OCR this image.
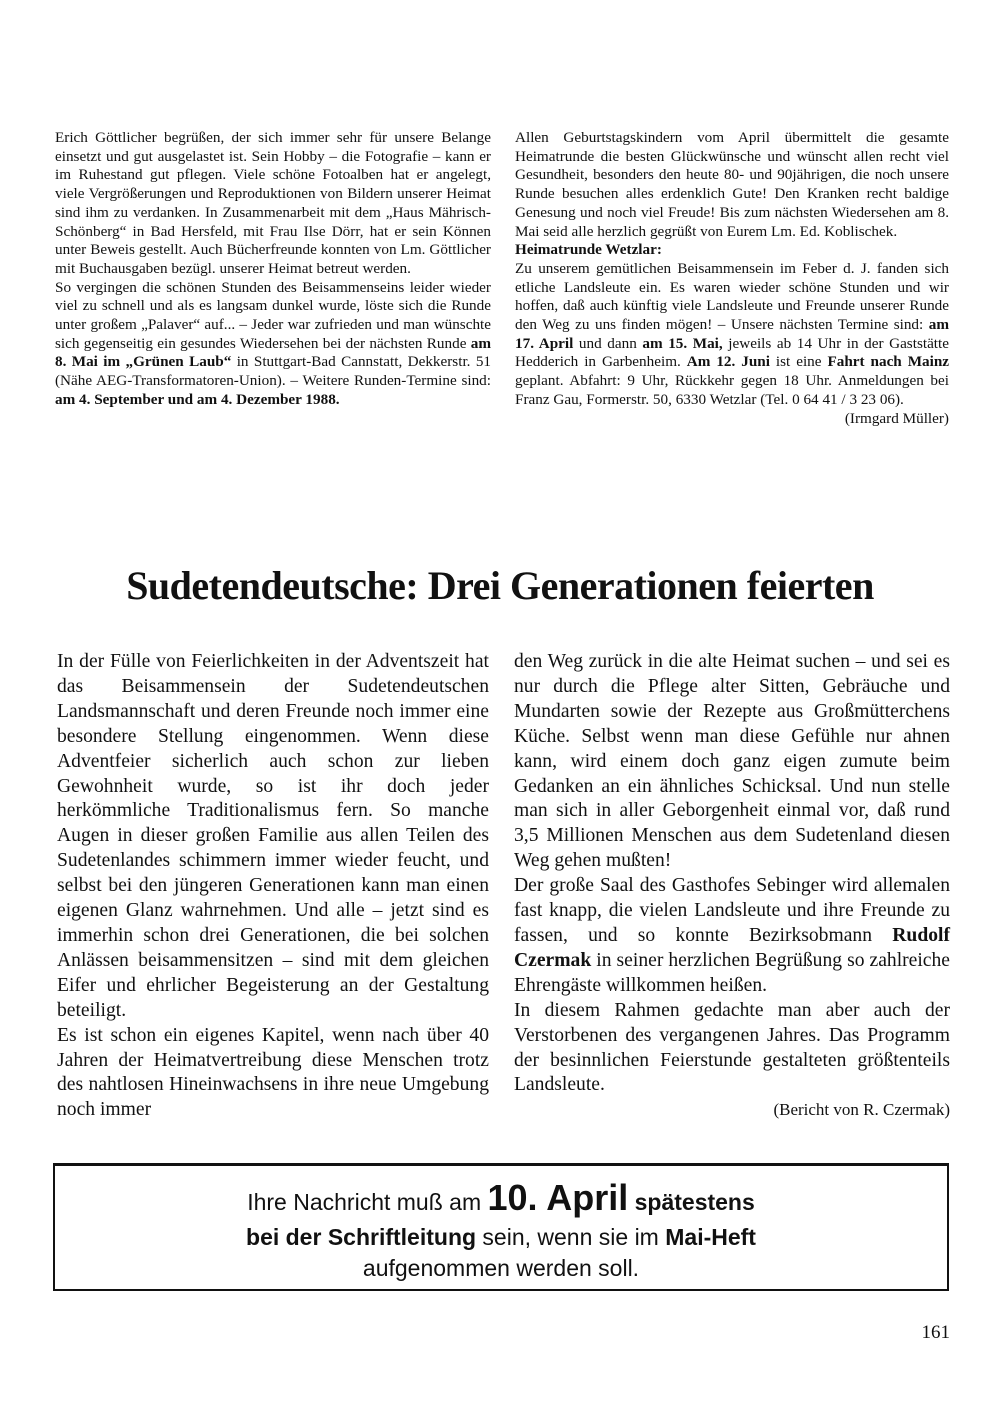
Erich Göttlicher begrüßen, der sich immer sehr für unsere Belange einsetzt und gut ausgelastet ist. Sein Hobby – die Fotografie – kann er im Ruhestand gut pflegen. Viele schöne Fotoalben hat er angelegt, viele Vergrößerungen und Reproduktionen von Bildern unserer Heimat sind ihm zu verdanken. In Zusammenarbeit mit dem „Haus Mährisch-Schönberg“ in Bad Hersfeld, mit Frau Ilse Dörr, hat er sein Können unter Beweis gestellt. Auch Bücherfreunde konnten von Lm. Göttlicher mit Buchausgaben bezügl. unserer Heimat betreut werden.

So vergingen die schönen Stunden des Beisammenseins leider wieder viel zu schnell und als es langsam dunkel wurde, löste sich die Runde unter großem „Palaver“ auf... – Jeder war zufrieden und man wünschte sich gegenseitig ein gesundes Wiedersehen bei der nächsten Runde am 8. Mai im „Grünen Laub“ in Stuttgart-Bad Cannstatt, Dekkerstr. 51 (Nähe AEG-Transformatoren-Union). – Weitere Runden-Termine sind: am 4. September und am 4. Dezember 1988.

Allen Geburtstagskindern vom April übermittelt die gesamte Heimatrunde die besten Glückwünsche und wünscht allen recht viel Gesundheit, besonders den heute 80- und 90jährigen, die noch unsere Runde besuchen alles erdenklich Gute! Den Kranken recht baldige Genesung und noch viel Freude! Bis zum nächsten Wiedersehen am 8. Mai seid alle herzlich gegrüßt von Eurem Lm. Ed. Koblischek.

Heimatrunde Wetzlar:

Zu unserem gemütlichen Beisammensein im Feber d. J. fanden sich etliche Landsleute ein. Es waren wieder schöne Stunden und wir hoffen, daß auch künftig viele Landsleute und Freunde unserer Runde den Weg zu uns finden mögen! – Unsere nächsten Termine sind: am 17. April und dann am 15. Mai, jeweils ab 14 Uhr in der Gaststätte Hedderich in Garbenheim. Am 12. Juni ist eine Fahrt nach Mainz geplant. Abfahrt: 9 Uhr, Rückkehr gegen 18 Uhr. Anmeldungen bei Franz Gau, Formerstr. 50, 6330 Wetzlar (Tel. 0 64 41 / 3 23 06).

(Irmgard Müller)

Sudetendeutsche: Drei Generationen feierten

In der Fülle von Feierlichkeiten in der Adventszeit hat das Beisammensein der Sudetendeutschen Landsmannschaft und deren Freunde noch immer eine besondere Stellung eingenommen. Wenn diese Adventfeier sicherlich auch schon zur lieben Gewohnheit wurde, so ist ihr doch jeder herkömmliche Traditionalismus fern. So manche Augen in dieser großen Familie aus allen Teilen des Sudetenlandes schimmern immer wieder feucht, und selbst bei den jüngeren Generationen kann man einen eigenen Glanz wahrnehmen. Und alle – jetzt sind es immerhin schon drei Generationen, die bei solchen Anlässen beisammensitzen – sind mit dem gleichen Eifer und ehrlicher Begeisterung an der Gestaltung beteiligt.

Es ist schon ein eigenes Kapitel, wenn nach über 40 Jahren der Heimatvertreibung diese Menschen trotz des nahtlosen Hineinwachsens in ihre neue Umgebung noch immer

den Weg zurück in die alte Heimat suchen – und sei es nur durch die Pflege alter Sitten, Gebräuche und Mundarten sowie der Rezepte aus Großmütterchens Küche. Selbst wenn man diese Gefühle nur ahnen kann, wird einem doch ganz eigen zumute beim Gedanken an ein ähnliches Schicksal. Und nun stelle man sich in aller Geborgenheit einmal vor, daß rund 3,5 Millionen Menschen aus dem Sudetenland diesen Weg gehen mußten!

Der große Saal des Gasthofes Sebinger wird allemalen fast knapp, die vielen Landsleute und ihre Freunde zu fassen, und so konnte Bezirksobmann Rudolf Czermak in seiner herzlichen Begrüßung so zahlreiche Ehrengäste willkommen heißen.

In diesem Rahmen gedachte man aber auch der Verstorbenen des vergangenen Jahres. Das Programm der besinnlichen Feierstunde gestalteten größtenteils Landsleute.

(Bericht von R. Czermak)

Ihre Nachricht muß am 10. April spätestens
bei der Schriftleitung sein, wenn sie im Mai-Heft
aufgenommen werden soll.
161
